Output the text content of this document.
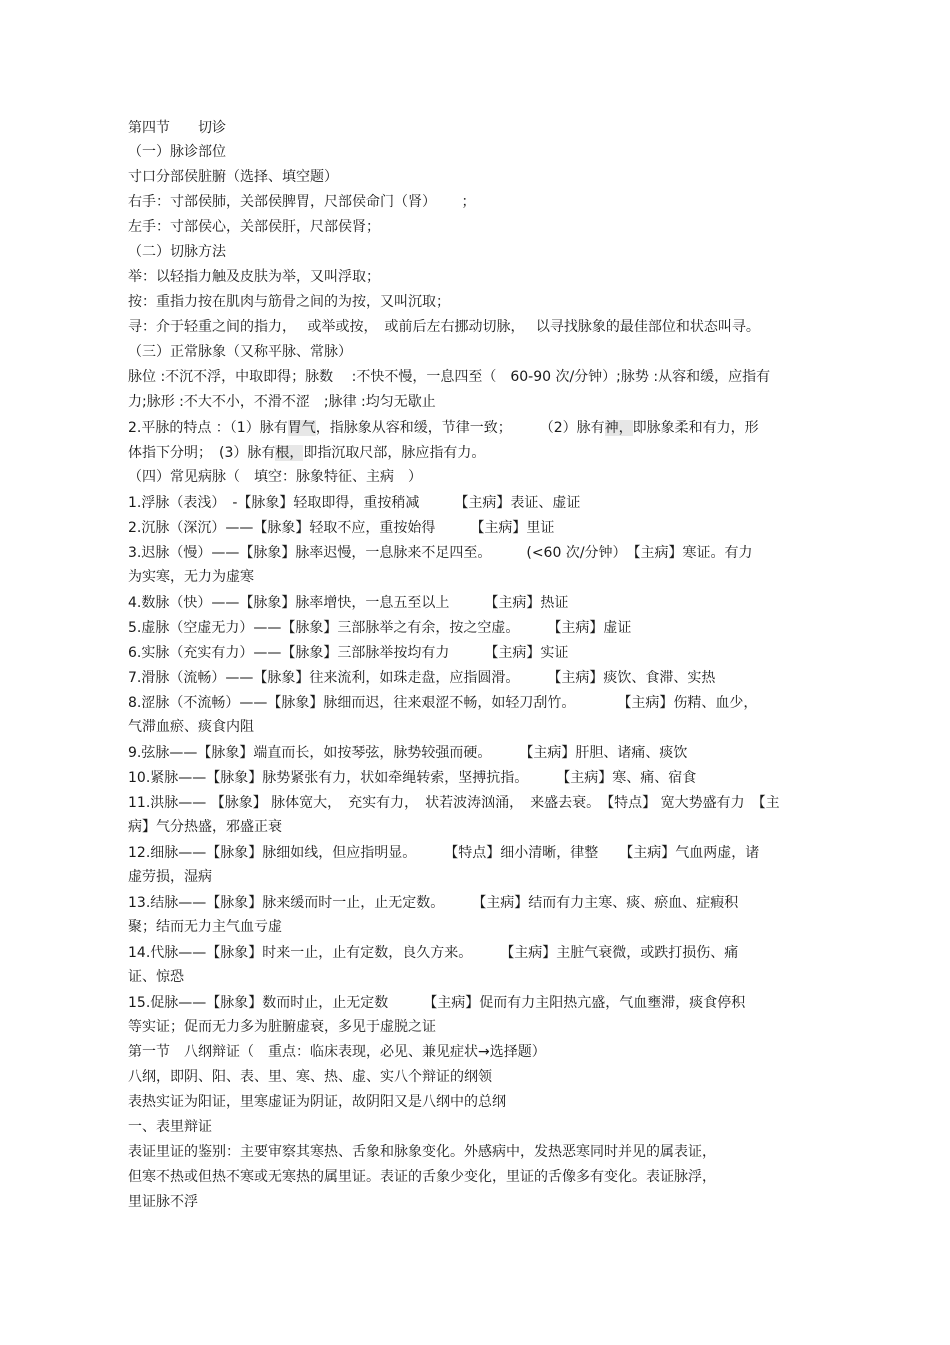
第四节　　切诊
（一）脉诊部位
寸口分部侯脏腑（选择、填空题）
右手：寸部侯肺，关部侯脾胃，尺部侯命门（肾）　　 ；
左手：寸部侯心，关部侯肝，尺部侯肾；
（二）切脉方法
举：以轻指力触及皮肤为举，又叫浮取；
按：重指力按在肌肉与筋骨之间的为按，又叫沉取；
寻：介于轻重之间的指力，　 或举或按，　或前后左右挪动切脉，　 以寻找脉象的最佳部位和状态叫寻。
（三）正常脉象（又称平脉、常脉）
脉位 :不沉不浮，中取即得；脉数　 :不快不慢，一息四至（　60-90 次/分钟）;脉势 :从容和缓，应指有
力;脉形 :不大不小，不滑不涩　;脉律 :均匀无歇止
2.平脉的特点 ：（1）脉有胃气，指脉象从容和缓，节律一致；　　　（2）脉有神，即脉象柔和有力，形
体指下分明；　(3）脉有根，即指沉取尺部，脉应指有力。
（四）常见病脉（　填空：脉象特征、主病　）
1.浮脉（表浅）　-【脉象】轻取即得，重按稍减　　　【主病】表证、虚证
2.沉脉（深沉）——【脉象】轻取不应，重按始得　　　【主病】里证
3.迟脉（慢）——【脉象】脉率迟慢，一息脉来不足四至。　　　(<60 次/分钟）　【主病】寒证。有力
为实寒，无力为虚寒
4.数脉（快）——【脉象】脉率增快，一息五至以上　　　【主病】热证
5.虚脉（空虚无力）——【脉象】三部脉举之有余，按之空虚。　　　【主病】虚证
6.实脉（充实有力）——【脉象】三部脉举按均有力　　　【主病】实证
7.滑脉（流畅）——【脉象】往来流利，如珠走盘，应指圆滑。　　　【主病】痰饮、食滞、实热
8.涩脉（不流畅）——【脉象】脉细而迟，往来艰涩不畅，如轻刀刮竹。　　　　【主病】伤精、血少，
气滞血瘀、痰食内阻
9.弦脉——【脉象】端直而长，如按琴弦，脉势较强而硬。　　　【主病】肝胆、诸痛、痰饮
10.紧脉——【脉象】脉势紧张有力，状如牵绳转索，坚搏抗指。　　　【主病】寒、痛、宿食
11.洪脉—— 【脉象】 脉体宽大，　充实有力，　状若波涛汹涌，　来盛去衰。　【特点】 宽大势盛有力　【主
病】气分热盛，邪盛正衰
12.细脉——【脉象】脉细如线，但应指明显。　　　【特点】细小清晰，律整　　【主病】气血两虚，诸
虚劳损，湿病
13.结脉——【脉象】脉来缓而时一止，止无定数。　　　【主病】结而有力主寒、痰、瘀血、症瘕积
聚；结而无力主气血亏虚
14.代脉——【脉象】时来一止，止有定数，良久方来。　　　【主病】主脏气衰微，或跌打损伤、痛
证、惊恐
15.促脉——【脉象】数而时止，止无定数　　　【主病】促而有力主阳热亢盛，气血壅滞，痰食停积
等实证；促而无力多为脏腑虚衰，多见于虚脱之证
第一节　八纲辩证（　重点：临床表现，必见、兼见症状→选择题）
八纲，即阴、阳、表、里、寒、热、虚、实八个辩证的纲领
表热实证为阳证，里寒虚证为阴证，故阴阳又是八纲中的总纲
一、表里辩证
表证里证的鉴别：主要审察其寒热、舌象和脉象变化。外感病中，发热恶寒同时并见的属表证，
但寒不热或但热不寒或无寒热的属里证。表证的舌象少变化，里证的舌像多有变化。表证脉浮，
里证脉不浮
